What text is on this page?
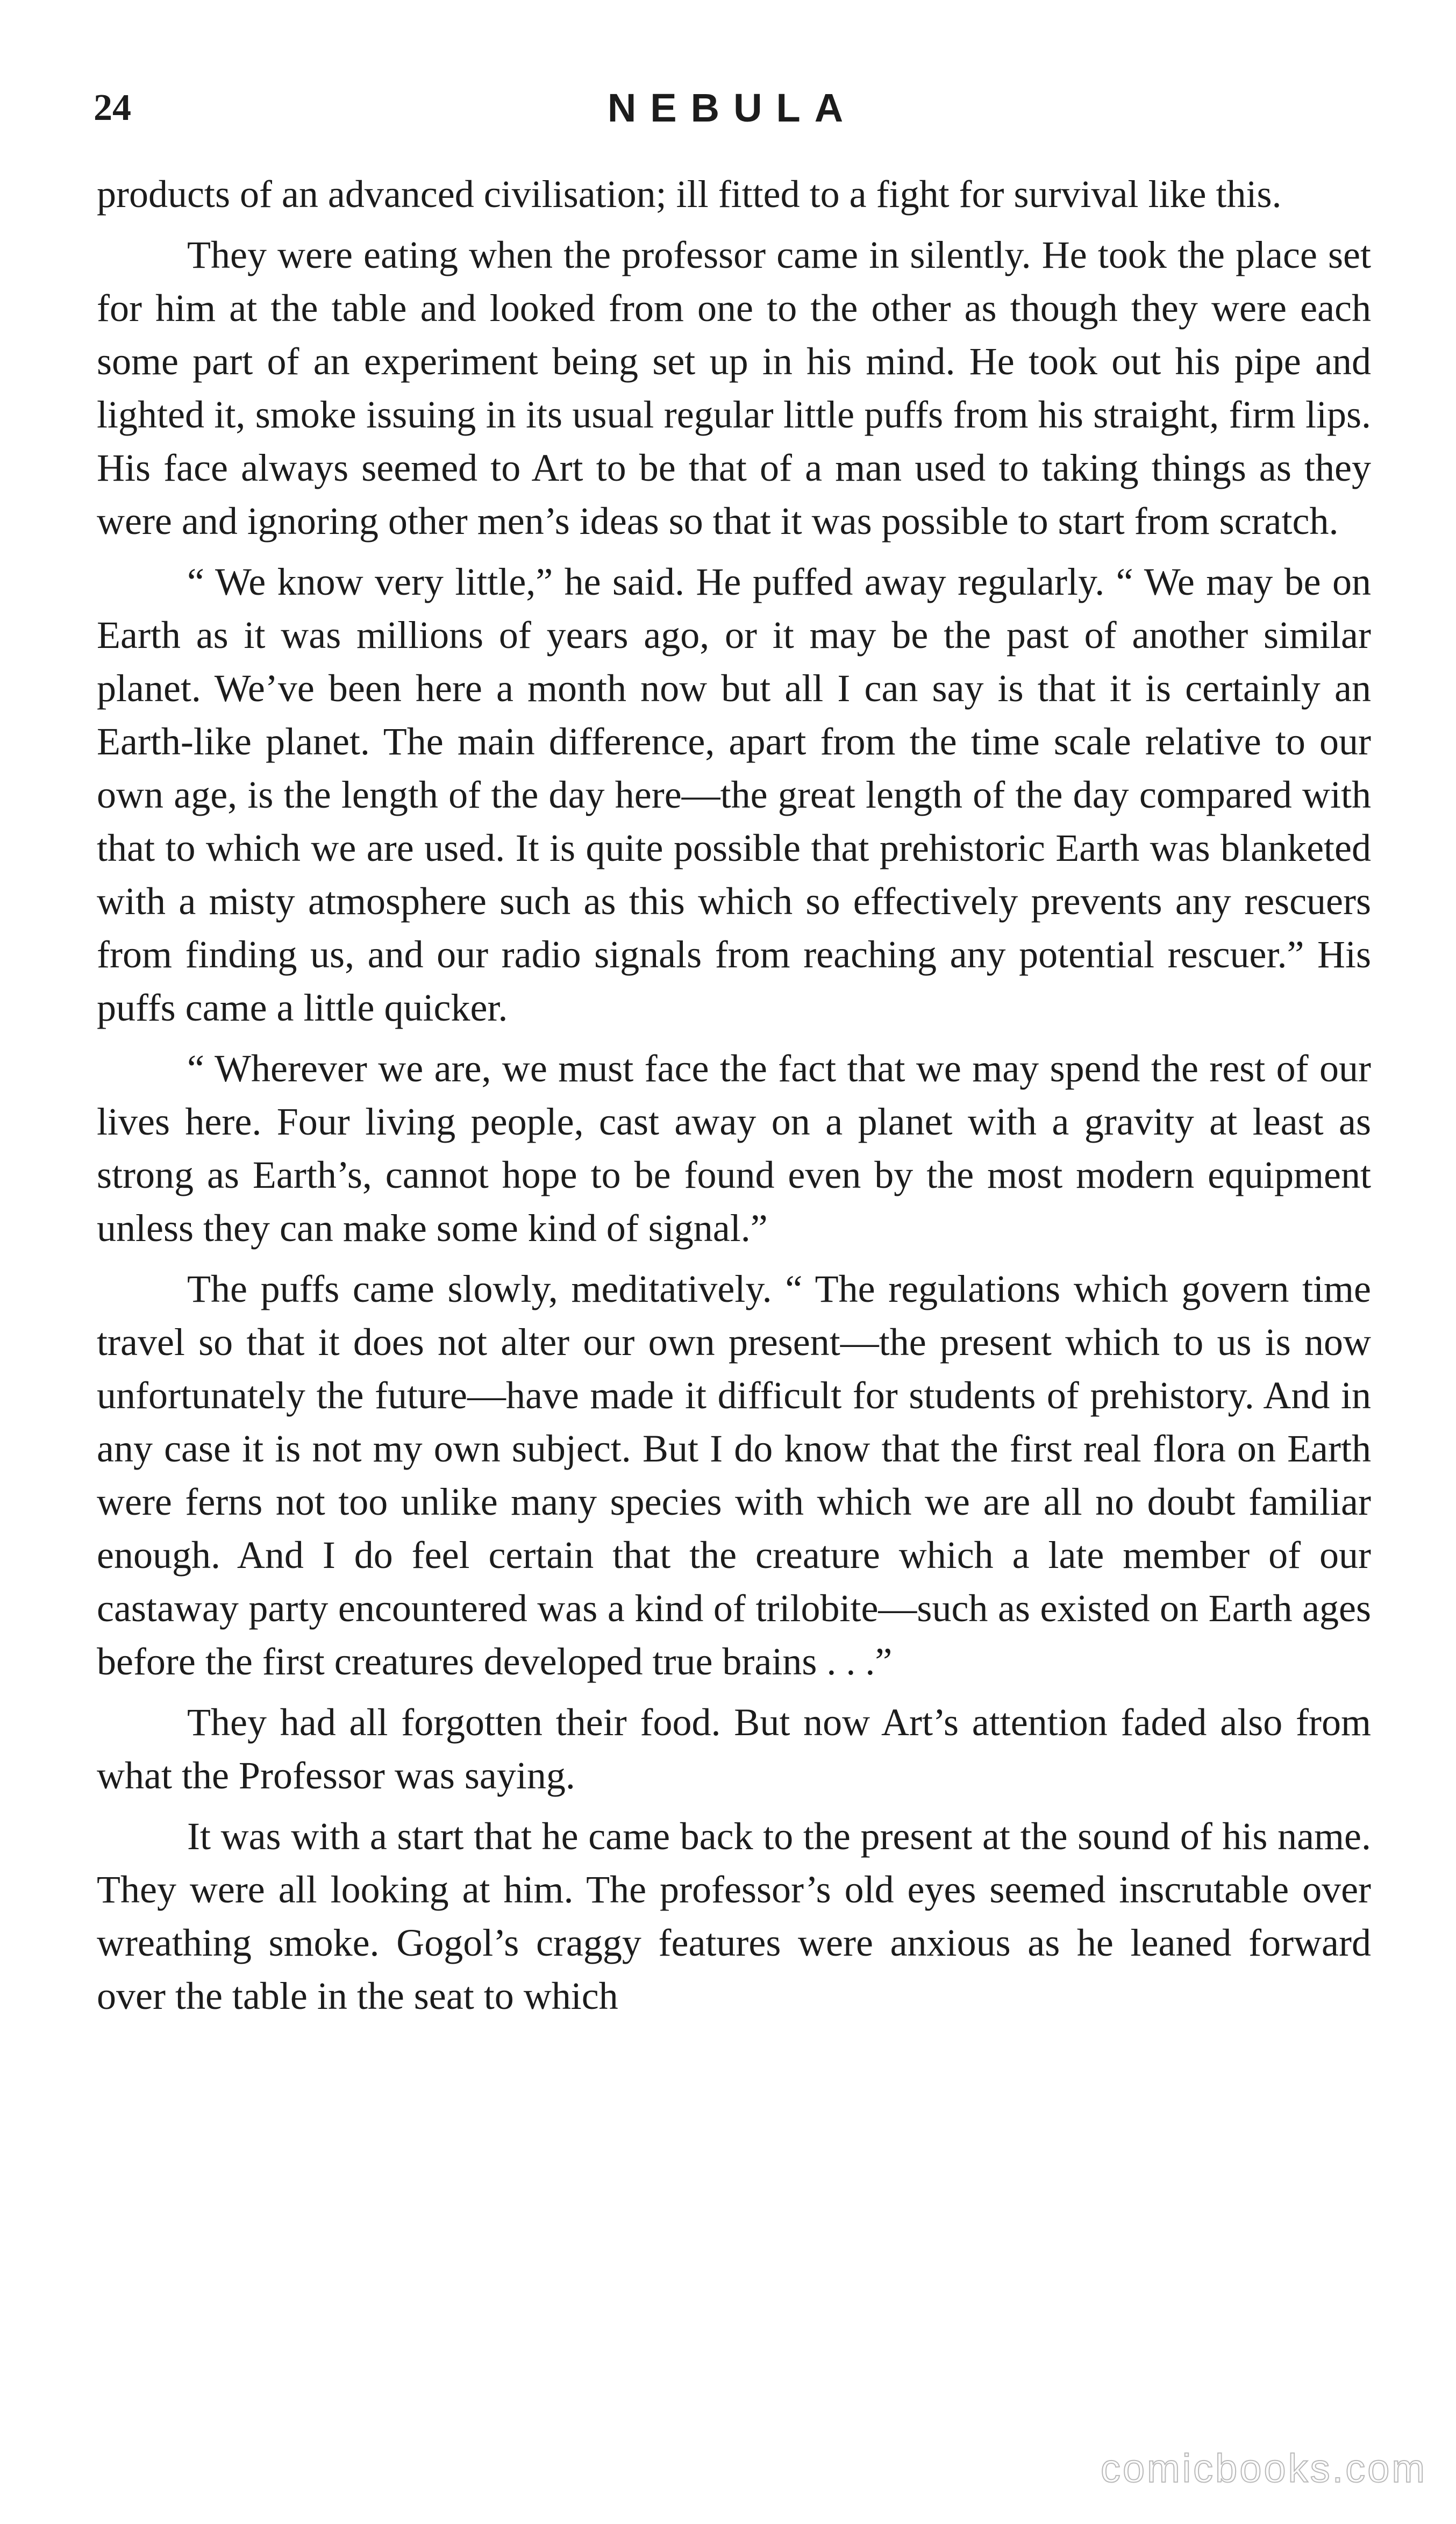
24	NEBULA

products of an advanced civilisation; ill fitted to a fight for survival like this.

They were eating when the professor came in silently. He took the place set for him at the table and looked from one to the other as though they were each some part of an experiment being set up in his mind. He took out his pipe and lighted it, smoke issuing in its usual regular little puffs from his straight, firm lips. His face always seemed to Art to be that of a man used to taking things as they were and ignoring other men’s ideas so that it was possible to start from scratch.

“ We know very little,” he said. He puffed away regularly. “ We may be on Earth as it was millions of years ago, or it may be the past of another similar planet. We’ve been here a month now but all I can say is that it is certainly an Earth-like planet. The main difference, apart from the time scale relative to our own age, is the length of the day here—the great length of the day compared with that to which we are used. It is quite possible that prehistoric Earth was blanketed with a misty atmosphere such as this which so effectively prevents any rescuers from finding us, and our radio signals from reaching any potential rescuer.” His puffs came a little quicker.

“ Wherever we are, we must face the fact that we may spend the rest of our lives here. Four living people, cast away on a planet with a gravity at least as strong as Earth’s, cannot hope to be found even by the most modern equipment unless they can make some kind of signal.”

The puffs came slowly, meditatively. “ The regulations which govern time travel so that it does not alter our own present—the present which to us is now unfortunately the future—have made it difficult for students of prehistory. And in any case it is not my own subject. But I do know that the first real flora on Earth were ferns not too unlike many species with which we are all no doubt familiar enough. And I do feel certain that the creature which a late member of our castaway party encountered was a kind of trilobite—such as existed on Earth ages before the first creatures developed true brains . . .”

They had all forgotten their food. But now Art’s attention faded also from what the Professor was saying.

It was with a start that he came back to the present at the sound of his name. They were all looking at him. The professor’s old eyes seemed inscrutable over wreathing smoke. Gogol’s craggy features were anxious as he leaned forward over the table in the seat to which

comicbooks.com
